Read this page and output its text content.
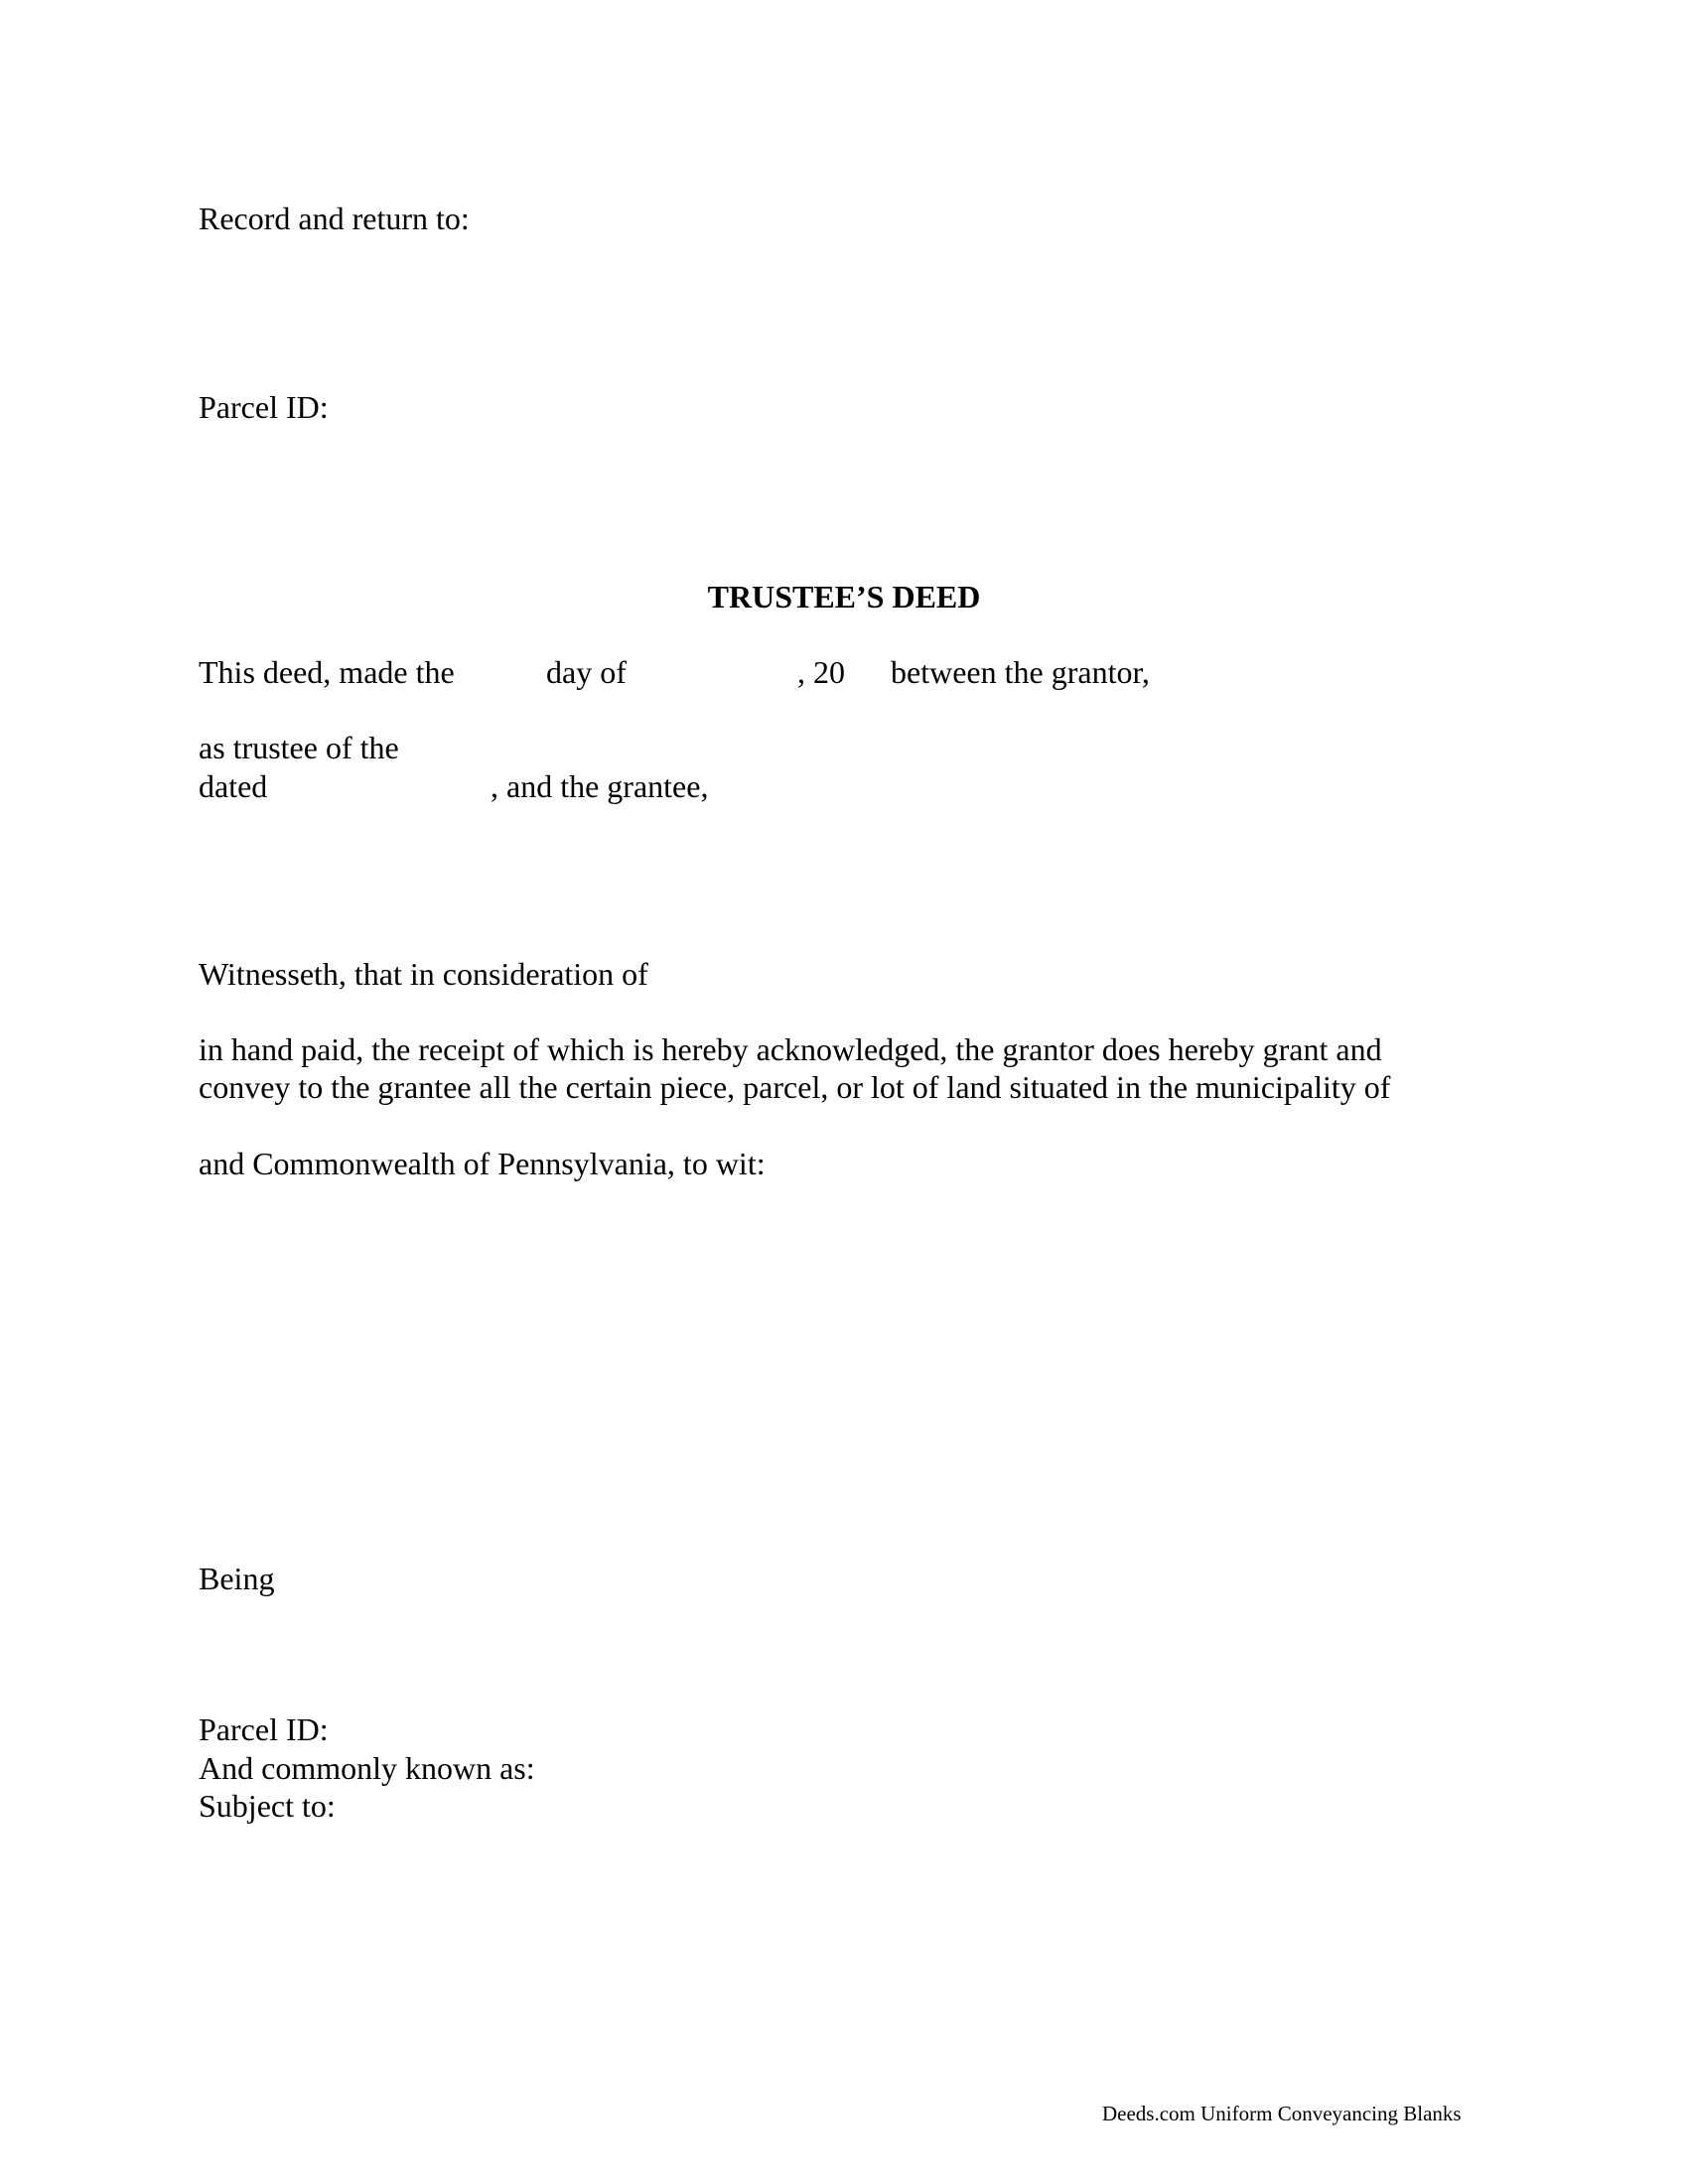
Record and return to:
Parcel ID:
TRUSTEE’S DEED
This deed, made the	day of	, 20 between the grantor,
as trustee of the
dated	, and the grantee,
Witnesseth, that in consideration of
in hand paid, the receipt of which is hereby acknowledged, the grantor does hereby grant and
convey to the grantee all the certain piece, parcel, or lot of land situated in the municipality of
and Commonwealth of Pennsylvania, to wit:
Being
Parcel ID:
And commonly known as:
Subject to:
Deeds.com Uniform Conveyancing Blanks
